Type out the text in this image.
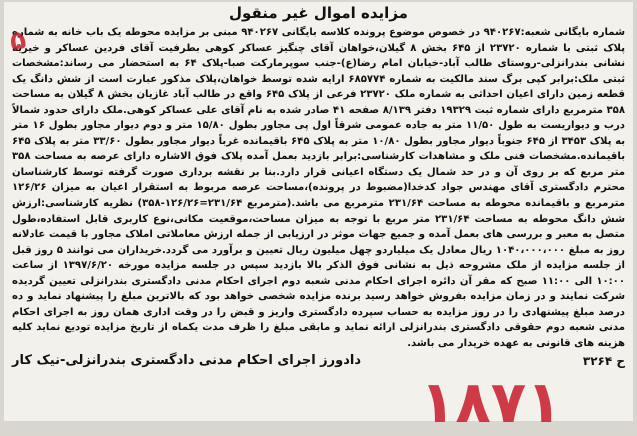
مزایده اموال غیر منقول

شماره بایگانی شعبه:۹۴۰۲۶۷ در خصوص موضوع پرونده کلاسه بایگانی ۹۴۰۲۶۷ مبنی بر مزایده محوطه یک باب خانه به شماره پلاک ثبتی با شماره ۲۳۷۲۰ از ۶۴۵ بخش ۸ گیلان،خواهان آقای چنگیز عساکر کوهی بطرفیت آقای فردین عساکر و خیریه نشانی بندرانزلی-روستای طالب آباد-خیابان امام رضا(ع)-جنب سوپرمارکت صبا-پلاک ۶۴ به استحضار می رساند:مشخصات ثبتی ملک:برابر کپی برگ سند مالکیت به شماره ۶۸۵۷۷۴ ارایه شده توسط خواهان،پلاک مذکور عبارت است از شش دانگ یک قطعه زمین دارای اعیان احداثی به شماره ملک ۲۳۷۲۰ فرعی از پلاک ۶۴۵ واقع در طالب آباد غازیان بخش ۸ گیلان به مساحت ۳۵۸ مترمربع دارای شماره ثبت ۱۹۳۲۹ دفتر ۸/۱۳۹ صفحه ۴۱ صادر شده به نام آقای علی عساکر کوهی.ملک دارای حدود شمالاً درب و دیواریست به طول ۱۱/۵۰ متر به جاده عمومی شرقاً اول پی مجاور بطول ۱۵/۸۰ متر و دوم دیوار مجاور بطول ۱۶ متر به پلاک ۳۴۵۳ از ۶۴۵ جنوباً دیوار مجاور بطول ۱۰/۸۰ متر به پلاک ۶۴۵ باقیمانده غرباً دیوار مجاور بطول ۳۳/۶۰ متر به پلاک ۶۴۵ باقیمانده.مشخصات فنی ملک و مشاهدات کارشناسی:برابر بازدید بعمل آمده پلاک فوق الاشاره دارای عرصه به مساحت ۳۵۸ متر مربع که بر روی آن و در حد شمال یک دستگاه اعیانی قرار دارد.بنا بر نقشه برداری صورت گرفته توسط کارشناسان محترم دادگستری آقای مهندس جواد کدخدا(مضبوط در پرونده)،مساحت عرصه مربوط به استقرار اعیان به میزان ۱۲۶/۲۶ مترمربع و باقیمانده محوطه به مساحت ۲۳۱/۶۴ مترمربع می باشد.(مترمربع ۲۳۱/۶۴=۱۲۶/۲۶-۳۵۸) نظریه کارشناسی:ارزش شش دانگ محوطه به مساحت ۲۳۱/۶۴ متر مربع با توجه به میزان مساحت،موقعیت مکانی،نوع کاربری قابل استفاده،طول متصل به معبر و بررسی های بعمل آمده و جمیع جهات موثر در ارزیابی از جمله ارزش معاملاتی املاک مجاور با قیمت عادلانه روز به مبلغ ۱۰۴۰،۰۰۰،۰۰۰ ریال معادل یک میلیاردو چهل میلیون ریال تعیین و برآورد می گردد.خریداران می توانند ۵ روز قبل از جلسه مزایده از ملک مشروحه ذیل به نشانی فوق الذکر بالا بازدید سپس در جلسه مزایده مورخه ۱۳۹۷/۶/۲۰ از ساعت ۱۰:۰۰ الی ۱۱:۰۰ صبح که مقر آن دائره اجرای احکام مدنی شعبه دوم اجرای احکام مدنی دادگستری بندرانزلی تعیین گردیده شرکت نمایند و در زمان مزایده بفروش خواهد رسید برنده مزایده شخصی خواهد بود که بالاترین مبلغ را پیشنهاد نماید و ده درصد مبلغ پیشنهادی را در روز مزایده به حساب سپرده دادگستری واریز و قبض را در وقت اداری همان روز به اجرای احکام مدنی شعبه دوم حقوقی دادگستری بندرانزلی ارائه نماید و مابقی مبلغ را ظرف مدت یکماه از تاریخ مزایده تودیع نماید کلیه هزینه های قانونی به عهده خریدار می باشد.

ح ۳۲۶۴
دادورز اجرای احکام مدنی دادگستری بندرانزلی-نیک کار
۵
۱۸۷۱
